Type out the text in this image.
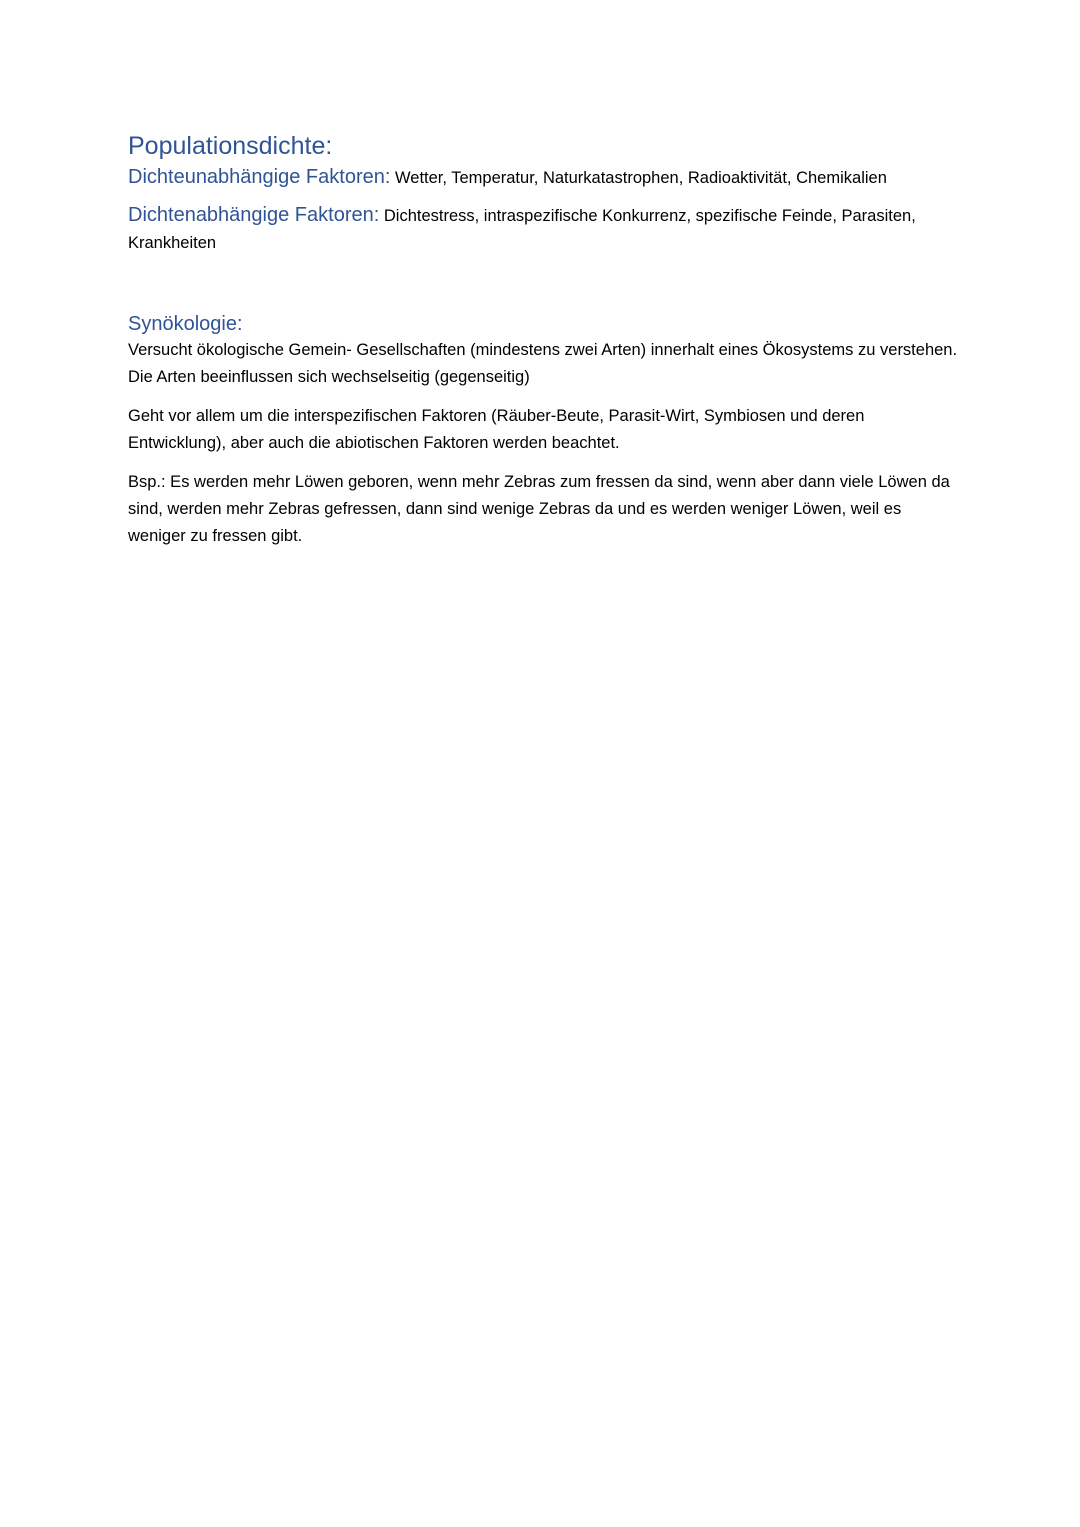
Populationsdichte:

Dichteunabhängige Faktoren: Wetter, Temperatur, Naturkatastrophen, Radioaktivität, Chemikalien

Dichtenabhängige Faktoren: Dichtestress, intraspezifische Konkurrenz, spezifische Feinde, Parasiten, Krankheiten

Synökologie:

Versucht ökologische Gemein- Gesellschaften (mindestens zwei Arten) innerhalt eines Ökosystems zu verstehen. Die Arten beeinflussen sich wechselseitig (gegenseitig)

Geht vor allem um die interspezifischen Faktoren (Räuber-Beute, Parasit-Wirt, Symbiosen und deren Entwicklung), aber auch die abiotischen Faktoren werden beachtet.

Bsp.: Es werden mehr Löwen geboren, wenn mehr Zebras zum fressen da sind, wenn aber dann viele Löwen da sind, werden mehr Zebras gefressen, dann sind wenige Zebras da und es werden weniger Löwen, weil es weniger zu fressen gibt.
